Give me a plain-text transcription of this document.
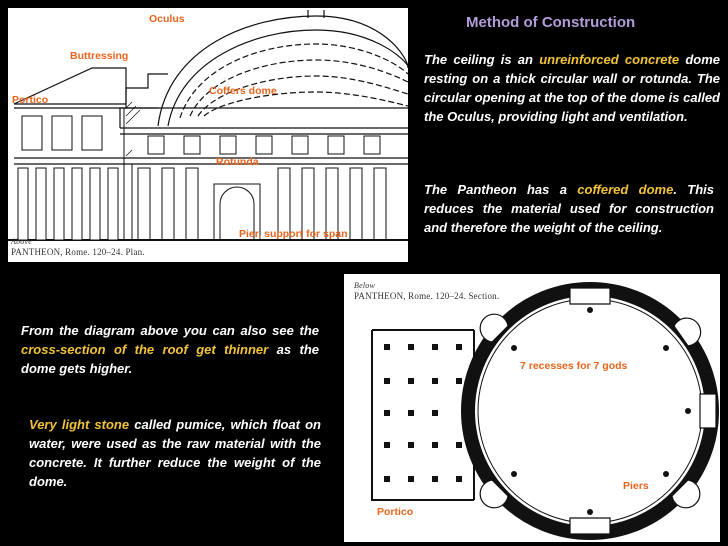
Oculus
Buttressing
Portico
Coffers dome
Rotunda
Pier, support for span
Above
PANTHEON, Rome. 120–24. Plan.
Method of Construction
The ceiling is an unreinforced concrete dome resting on a thick circular wall or rotunda. The circular opening at the top of the dome is called the Oculus, providing light and ventilation.
The Pantheon has a coffered dome. This reduces the material used for construction and therefore the weight of the ceiling.
From the diagram above you can also see the cross-section of the roof get thinner as the dome gets higher.
Very light stone called pumice, which float on water, were used as the raw material with the concrete. It further reduce the weight of the dome.
Below
PANTHEON, Rome. 120–24. Section.
7 recesses for 7 gods
Piers
Portico
